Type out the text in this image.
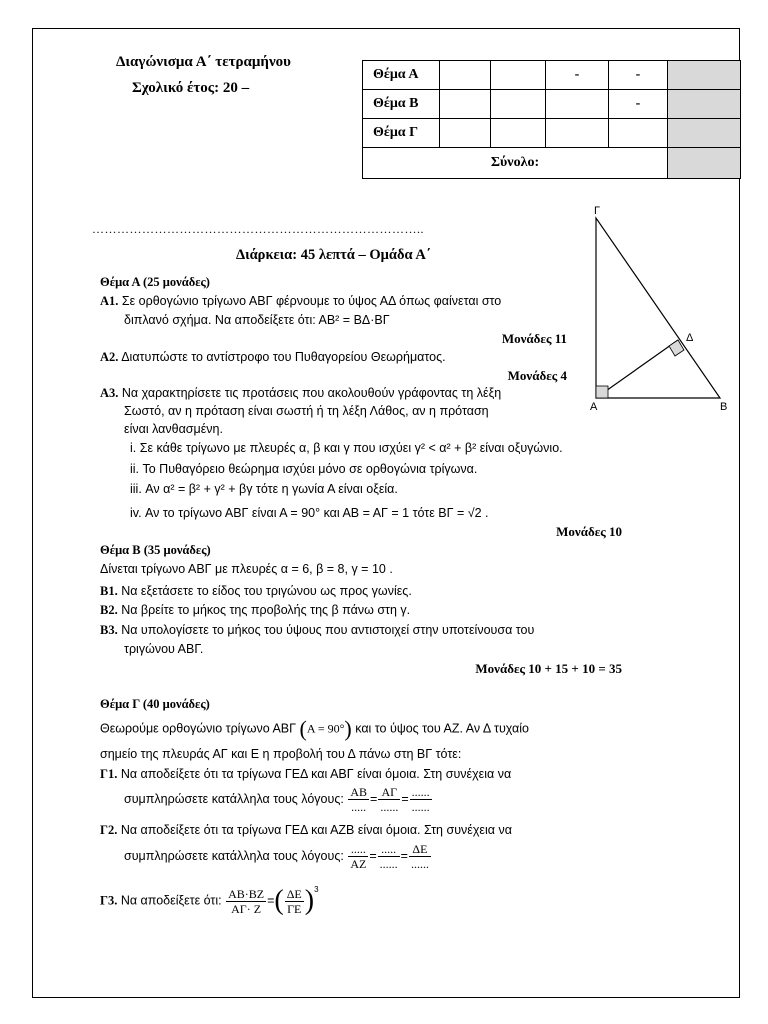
Διαγώνισμα Α΄ τετραμήνου
Σχολικό έτος: 20 –
Θέμα Α			-	-	
Θέμα Β				-	
Θέμα Γ					
Σύνολο:					
……………………………………………………………………..
Διάρκεια: 45 λεπτά – Ομάδα Α΄
Γ
Δ
Α	Β
Θέμα Α (25 μονάδες)
Α1. Σε ορθογώνιο τρίγωνο ΑΒΓ φέρνουμε το ύψος ΑΔ όπως φαίνεται στο
διπλανό σχήμα. Να αποδείξετε ότι: ΑΒ² = ΒΔ·ΒΓ
Μονάδες 11
Α2. Διατυπώστε το αντίστροφο του Πυθαγορείου Θεωρήματος.
Μονάδες 4
Α3. Να χαρακτηρίσετε τις προτάσεις που ακολουθούν γράφοντας τη λέξη
Σωστό, αν η πρόταση είναι σωστή ή τη λέξη Λάθος, αν η πρόταση
είναι λανθασμένη.
i. Σε κάθε τρίγωνο με πλευρές α, β και γ που ισχύει γ² < α² + β² είναι οξυγώνιο.
ii. Το Πυθαγόρειο θεώρημα ισχύει μόνο σε ορθογώνια τρίγωνα.
iii. Αν α² = β² + γ² + βγ τότε η γωνία Α είναι οξεία.
iv. Αν το τρίγωνο ΑΒΓ είναι Α = 90° και ΑΒ = ΑΓ = 1 τότε ΒΓ = √2 .
Μονάδες 10
Θέμα Β (35 μονάδες)
Δίνεται τρίγωνο ΑΒΓ με πλευρές α = 6, β = 8, γ = 10 .
Β1. Να εξετάσετε το είδος του τριγώνου ως προς γωνίες.
Β2. Να βρείτε το μήκος της προβολής της β πάνω στη γ.
Β3. Να υπολογίσετε το μήκος του ύψους που αντιστοιχεί στην υποτείνουσα του
τριγώνου ΑΒΓ.
Μονάδες 10 + 15 + 10 = 35
Θέμα Γ (40 μονάδες)
Θεωρούμε ορθογώνιο τρίγωνο ΑΒΓ (Α = 90°) και το ύψος του ΑΖ. Αν Δ τυχαίο
σημείο της πλευράς ΑΓ και Ε η προβολή του Δ πάνω στη ΒΓ τότε:
Γ1. Να αποδείξετε ότι τα τρίγωνα ΓΕΔ και ΑΒΓ είναι όμοια. Στη συνέχεια να
συμπληρώσετε κατάλληλα τους λόγους: $\frac{AB}{.....} = \frac{A\Gamma}{......} = \frac{......}{......}$
Γ2. Να αποδείξετε ότι τα τρίγωνα ΓΕΔ και ΑΖΒ είναι όμοια. Στη συνέχεια να
συμπληρώσετε κατάλληλα τους λόγους: $\frac{.....}{AZ} = \frac{.....}{......} = \frac{\Delta E}{......}$
Γ3. Να αποδείξετε ότι: $\frac{AB\cdot BZ}{A\Gamma\cdot Z}$ =( $\frac{\Delta E}{\Gamma E} )^3$
